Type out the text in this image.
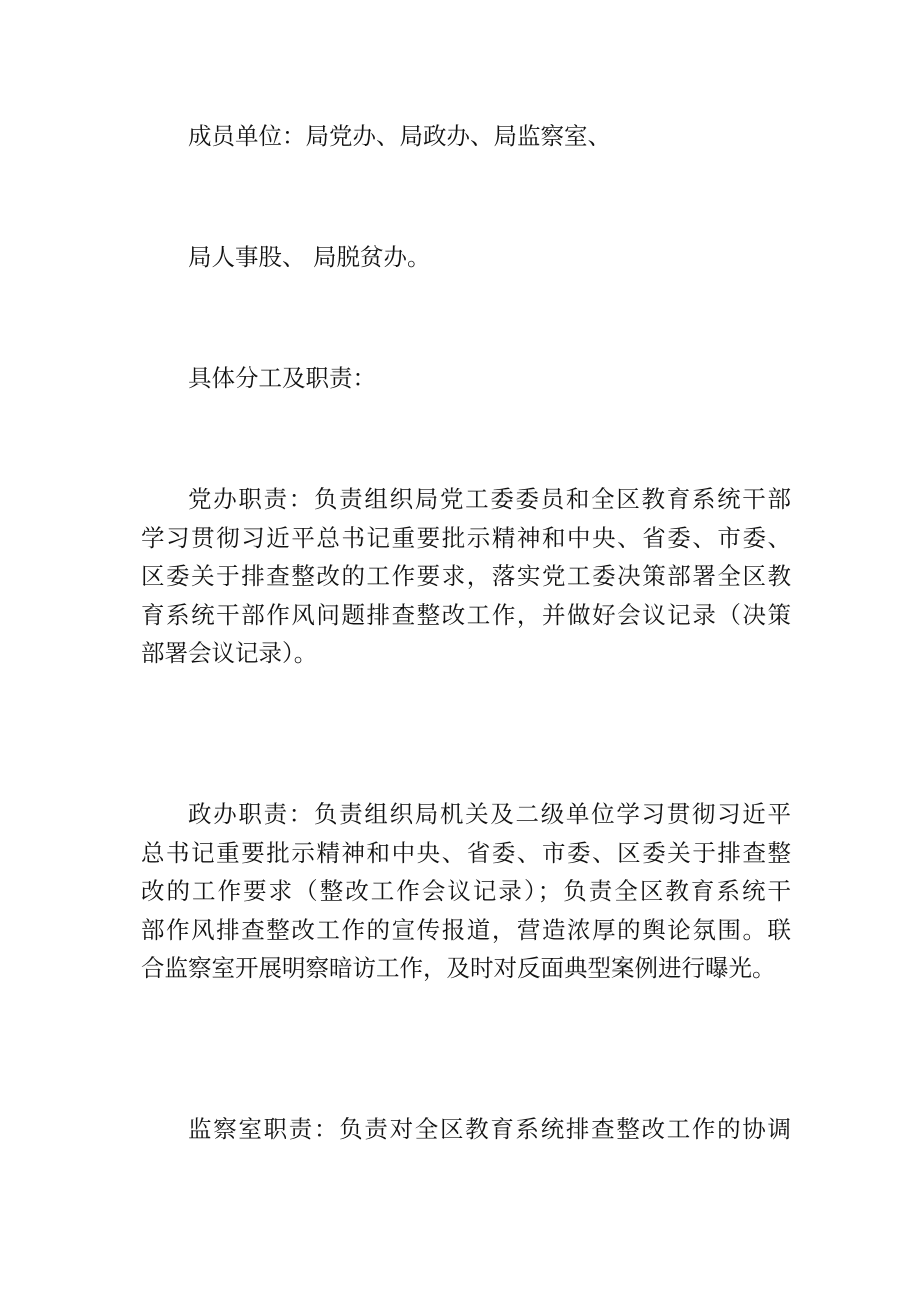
成员单位：局党办、局政办、局监察室、

局人事股、 局脱贫办。

具体分工及职责：

党办职责：负责组织局党工委委员和全区教育系统干部
学习贯彻习近平总书记重要批示精神和中央、省委、市委、
区委关于排查整改的工作要求，落实党工委决策部署全区教
育系统干部作风问题排查整改工作，并做好会议记录（决策
部署会议记录）。
政办职责：负责组织局机关及二级单位学习贯彻习近平
总书记重要批示精神和中央、省委、市委、区委关于排查整
改的工作要求（整改工作会议记录）；负责全区教育系统干
部作风排查整改工作的宣传报道，营造浓厚的舆论氛围。联
合监察室开展明察暗访工作，及时对反面典型案例进行曝光。
监察室职责：负责对全区教育系统排查整改工作的协调
